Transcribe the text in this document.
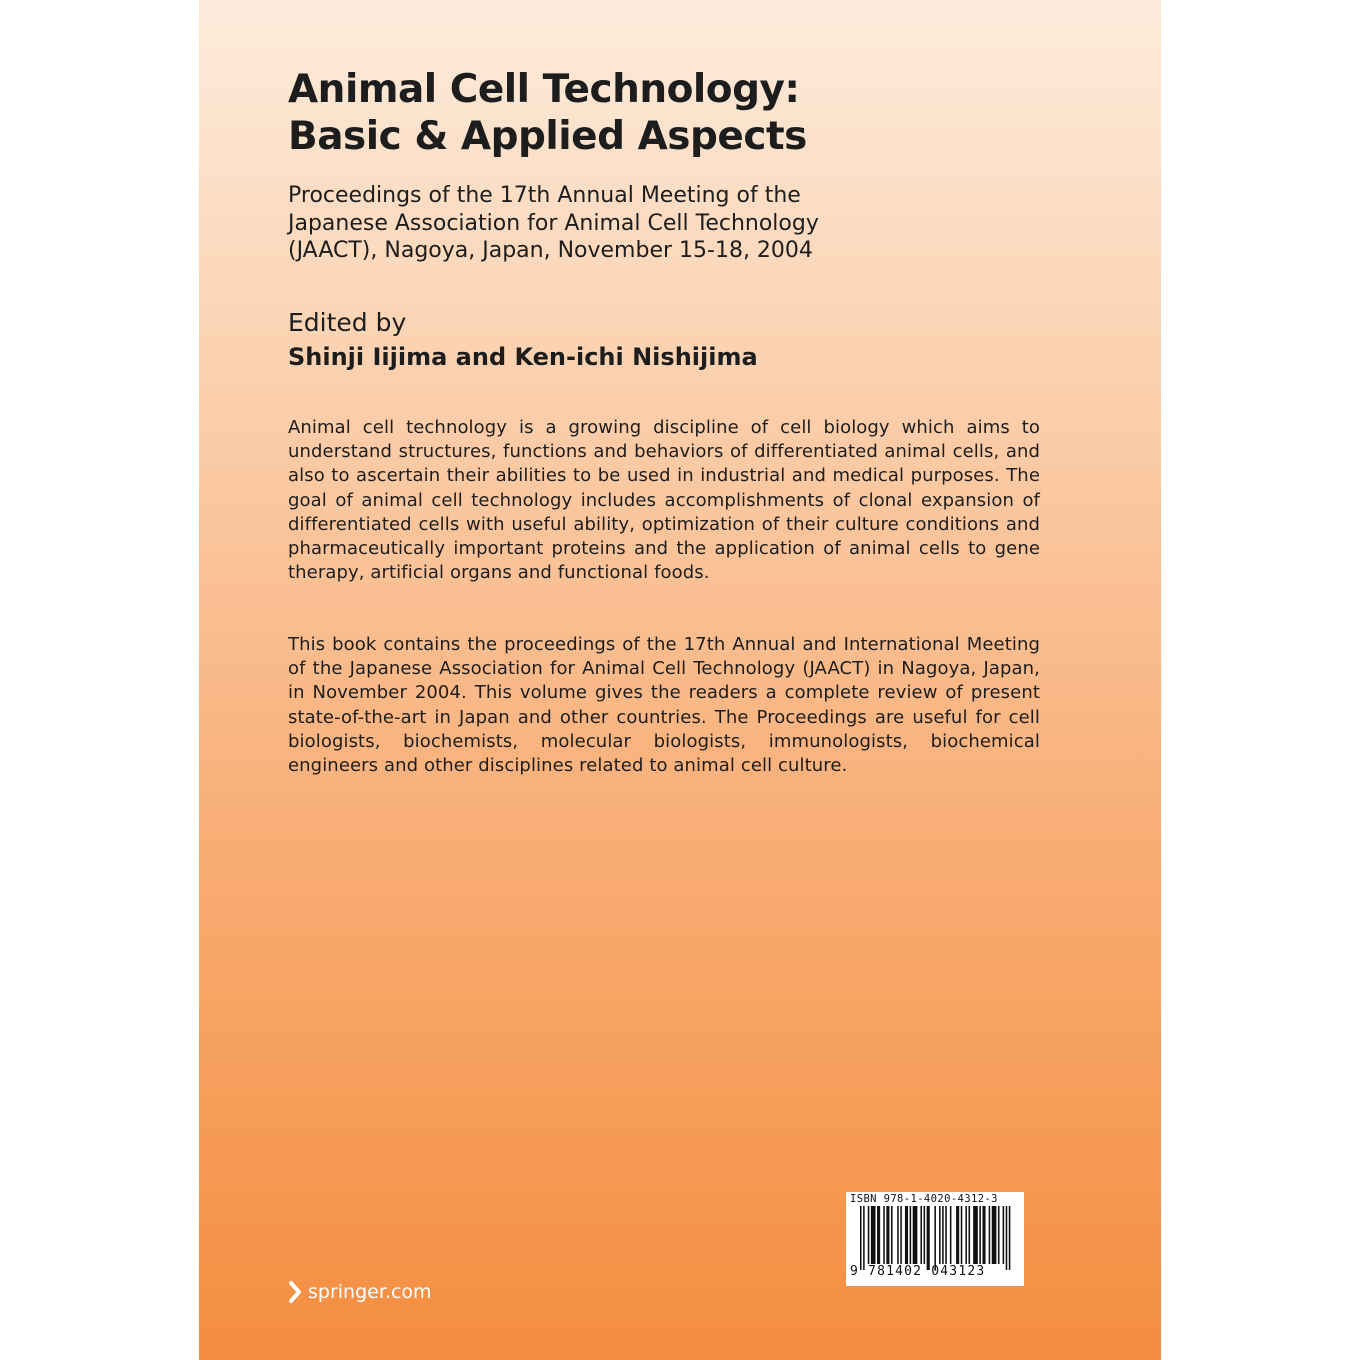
Animal Cell Technology:
Basic & Applied Aspects
Proceedings of the 17th Annual Meeting of the
Japanese Association for Animal Cell Technology
(JAACT), Nagoya, Japan, November 15-18, 2004
Edited by
Shinji Iijima and Ken-ichi Nishijima

Animal cell technology is a growing discipline of cell biology which aims to understand structures, functions and behaviors of differentiated animal cells, and also to ascertain their abilities to be used in industrial and medical purposes. The goal of animal cell technology includes accomplishments of clonal expansion of differentiated cells with useful ability, optimization of their culture conditions and pharmaceutically important proteins and the application of animal cells to gene therapy, artificial organs and functional foods.

This book contains the proceedings of the 17th Annual and International Meeting of the Japanese Association for Animal Cell Technology (JAACT) in Nagoya, Japan, in November 2004. This volume gives the readers a complete review of present state-of-the-art in Japan and other countries. The Proceedings are useful for cell biologists, biochemists, molecular biologists, immunologists, biochemical engineers and other disciplines related to animal cell culture.

springer.com
ISBN 978-1-4020-4312-3
9 781402 043123
